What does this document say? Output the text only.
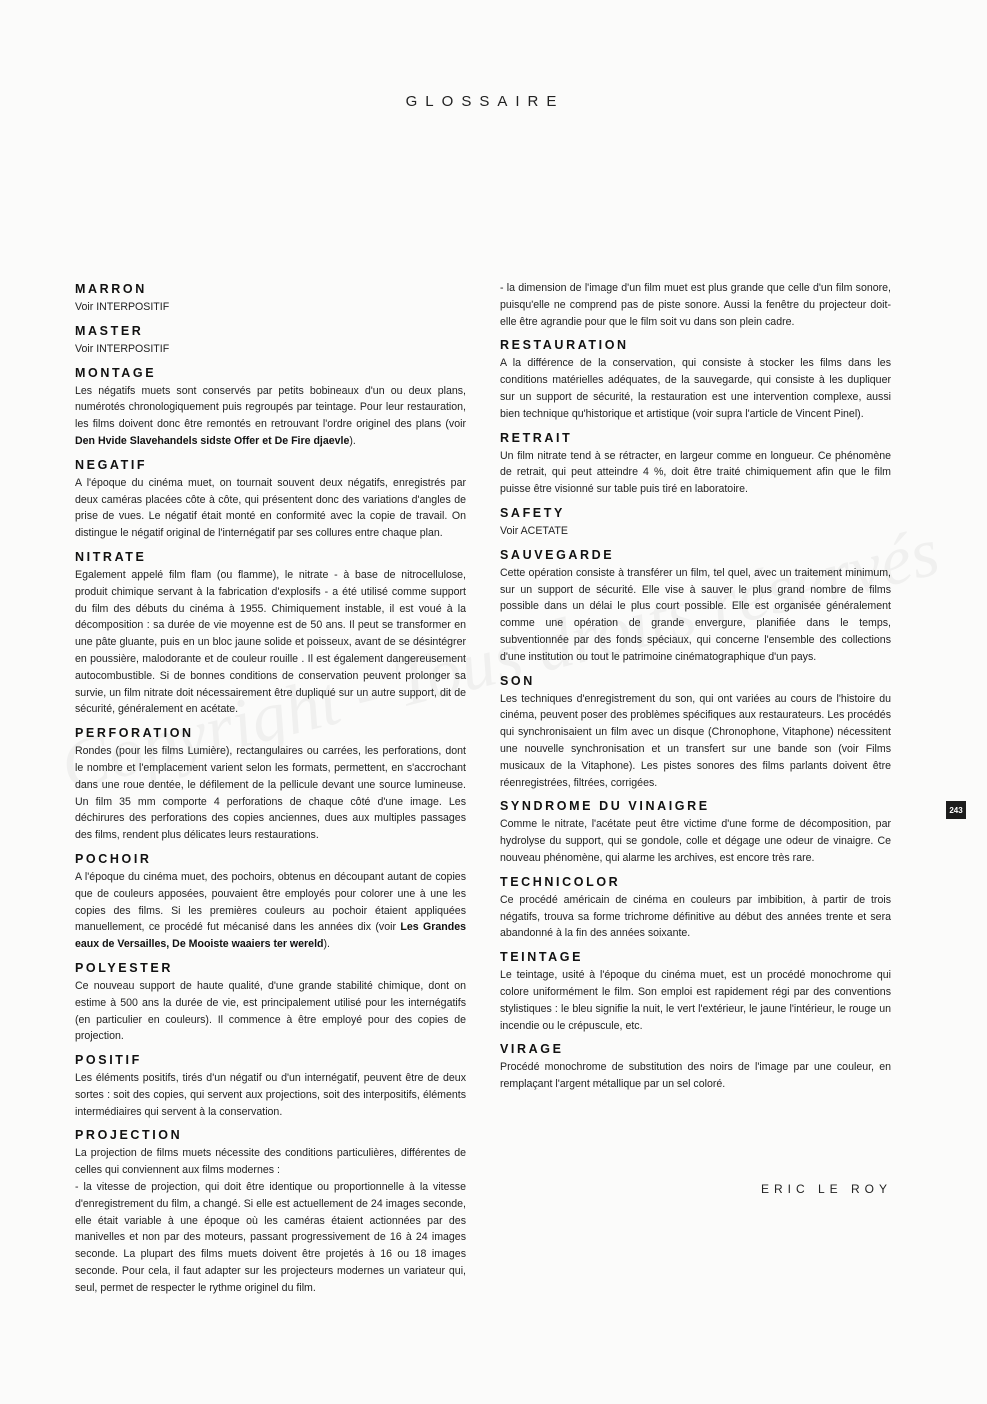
GLOSSAIRE
MARRON

Voir INTERPOSITIF

MASTER

Voir INTERPOSITIF

MONTAGE

Les négatifs muets sont conservés par petits bobineaux d'un ou deux plans, numérotés chronologiquement puis regroupés par teintage. Pour leur restauration, les films doivent donc être remontés en retrouvant l'ordre originel des plans (voir Den Hvide Slavehandels sidste Offer et De Fire djaevle).

NEGATIF

A l'époque du cinéma muet, on tournait souvent deux négatifs, enregistrés par deux caméras placées côte à côte, qui présentent donc des variations d'angles de prise de vues. Le négatif était monté en conformité avec la copie de travail. On distingue le négatif original de l'internégatif par ses collures entre chaque plan.

NITRATE

Egalement appelé film flam (ou flamme), le nitrate - à base de nitrocellulose, produit chimique servant à la fabrication d'explosifs - a été utilisé comme support du film des débuts du cinéma à 1955. Chimiquement instable, il est voué à la décomposition : sa durée de vie moyenne est de 50 ans. Il peut se transformer en une pâte gluante, puis en un bloc jaune solide et poisseux, avant de se désintégrer en poussière, malodorante et de couleur rouille . Il est également dangereusement autocombustible. Si de bonnes conditions de conservation peuvent prolonger sa survie, un film nitrate doit nécessairement être dupliqué sur un autre support, dit de sécurité, généralement en acétate.

PERFORATION

Rondes (pour les films Lumière), rectangulaires ou carrées, les perforations, dont le nombre et l'emplacement varient selon les formats, permettent, en s'accrochant dans une roue dentée, le défilement de la pellicule devant une source lumineuse. Un film 35 mm comporte 4 perforations de chaque côté d'une image. Les déchirures des perforations des copies anciennes, dues aux multiples passages des films, rendent plus délicates leurs restaurations.

POCHOIR

A l'époque du cinéma muet, des pochoirs, obtenus en découpant autant de copies que de couleurs apposées, pouvaient être employés pour colorer une à une les copies des films. Si les premières couleurs au pochoir étaient appliquées manuellement, ce procédé fut mécanisé dans les années dix (voir Les Grandes eaux de Versailles, De Mooiste waaiers ter wereld).

POLYESTER

Ce nouveau support de haute qualité, d'une grande stabilité chimique, dont on estime à 500 ans la durée de vie, est principalement utilisé pour les internégatifs (en particulier en couleurs). Il commence à être employé pour des copies de projection.

POSITIF

Les éléments positifs, tirés d'un négatif ou d'un internégatif, peuvent être de deux sortes : soit des copies, qui servent aux projections, soit des interpositifs, éléments intermédiaires qui servent à la conservation.

PROJECTION

La projection de films muets nécessite des conditions particulières, différentes de celles qui conviennent aux films modernes :
- la vitesse de projection, qui doit être identique ou proportionnelle à la vitesse d'enregistrement du film, a changé. Si elle est actuellement de 24 images seconde, elle était variable à une époque où les caméras étaient actionnées par des manivelles et non par des moteurs, passant progressivement de 16 à 24 images seconde. La plupart des films muets doivent être projetés à 16 ou 18 images seconde. Pour cela, il faut adapter sur les projecteurs modernes un variateur qui, seul, permet de respecter le rythme originel du film.

- la dimension de l'image d'un film muet est plus grande que celle d'un film sonore, puisqu'elle ne comprend pas de piste sonore. Aussi la fenêtre du projecteur doit-elle être agrandie pour que le film soit vu dans son plein cadre.

RESTAURATION

A la différence de la conservation, qui consiste à stocker les films dans les conditions matérielles adéquates, de la sauvegarde, qui consiste à les dupliquer sur un support de sécurité, la restauration est une intervention complexe, aussi bien technique qu'historique et artistique (voir supra l'article de Vincent Pinel).

RETRAIT

Un film nitrate tend à se rétracter, en largeur comme en longueur. Ce phénomène de retrait, qui peut atteindre 4 %, doit être traité chimiquement afin que le film puisse être visionné sur table puis tiré en laboratoire.

SAFETY

Voir ACETATE

SAUVEGARDE

Cette opération consiste à transférer un film, tel quel, avec un traitement minimum, sur un support de sécurité. Elle vise à sauver le plus grand nombre de films possible dans un délai le plus court possible. Elle est organisée généralement comme une opération de grande envergure, planifiée dans le temps, subventionnée par des fonds spéciaux, qui concerne l'ensemble des collections d'une institution ou tout le patrimoine cinématographique d'un pays.

SON

Les techniques d'enregistrement du son, qui ont variées au cours de l'histoire du cinéma, peuvent poser des problèmes spécifiques aux restaurateurs. Les procédés qui synchronisaient un film avec un disque (Chronophone, Vitaphone) nécessitent une nouvelle synchronisation et un transfert sur une bande son (voir Films musicaux de la Vitaphone). Les pistes sonores des films parlants doivent être réenregistrées, filtrées, corrigées.

SYNDROME DU VINAIGRE

Comme le nitrate, l'acétate peut être victime d'une forme de décomposition, par hydrolyse du support, qui se gondole, colle et dégage une odeur de vinaigre. Ce nouveau phénomène, qui alarme les archives, est encore très rare.

TECHNICOLOR

Ce procédé américain de cinéma en couleurs par imbibition, à partir de trois négatifs, trouva sa forme trichrome définitive au début des années trente et sera abandonné à la fin des années soixante.

TEINTAGE

Le teintage, usité à l'époque du cinéma muet, est un procédé monochrome qui colore uniformément le film. Son emploi est rapidement régi par des conventions stylistiques : le bleu signifie la nuit, le vert l'extérieur, le jaune l'intérieur, le rouge un incendie ou le crépuscule, etc.

VIRAGE

Procédé monochrome de substitution des noirs de l'image par une couleur, en remplaçant l'argent métallique par un sel coloré.

243
ERIC LE ROY
